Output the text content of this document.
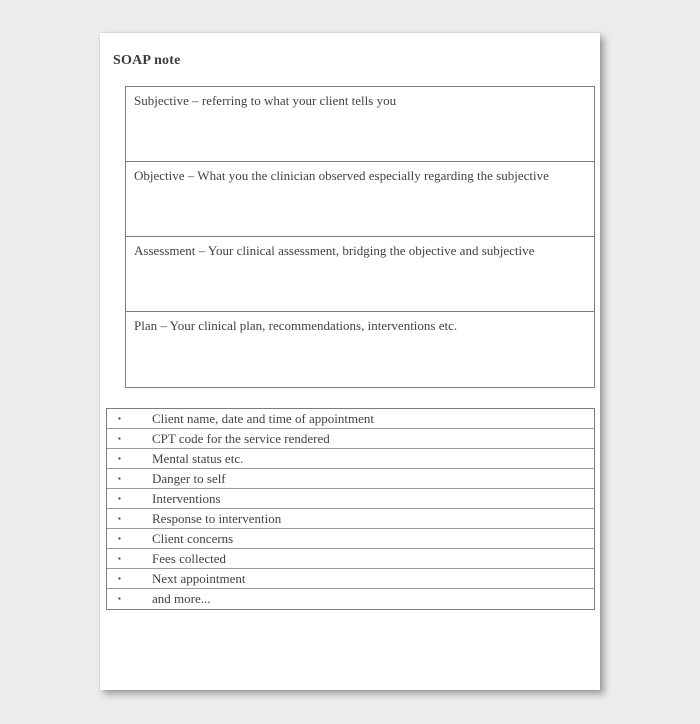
SOAP note
Subjective – referring to what your client tells you
Objective – What you the clinician observed especially regarding the subjective
Assessment – Your clinical assessment, bridging the objective and subjective
Plan – Your clinical plan, recommendations, interventions etc.
▪	Client name, date and time of appointment
▪	CPT code for the service rendered
▪	Mental status etc.
▪	Danger to self
▪	Interventions
▪	Response to intervention
▪	Client concerns
▪	Fees collected
▪	Next appointment
▪	and more...
